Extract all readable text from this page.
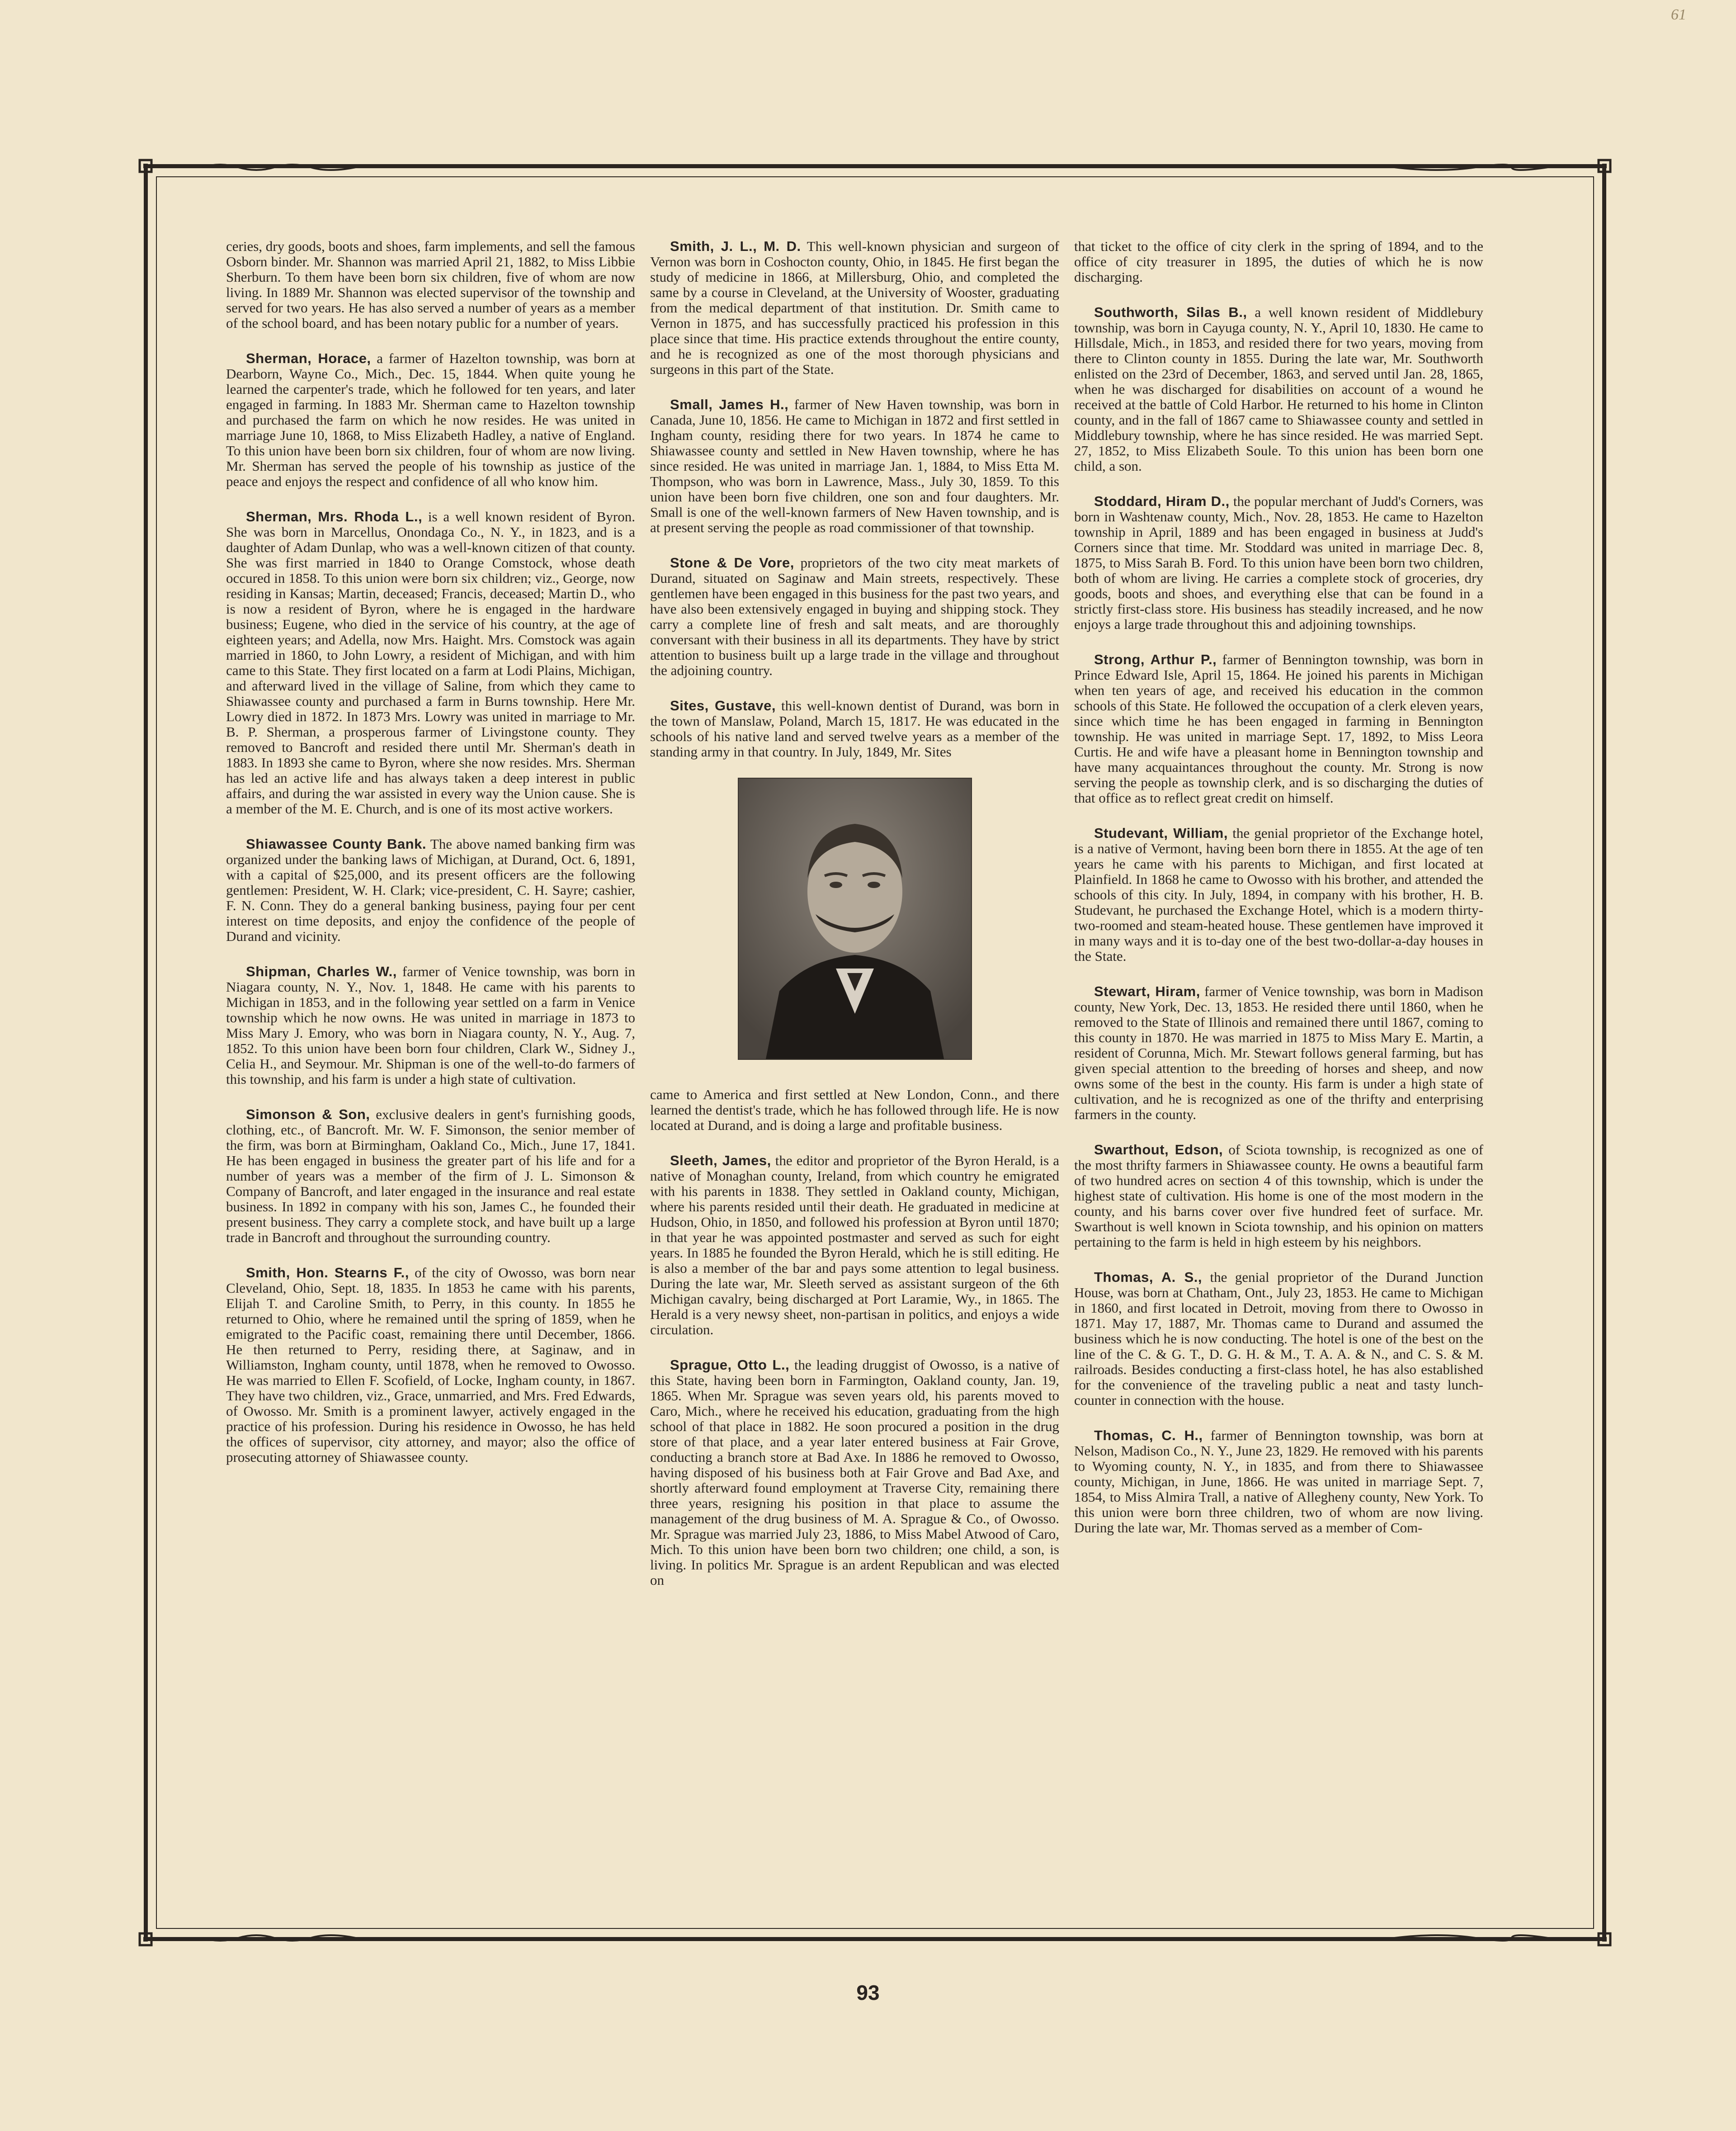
61

ceries, dry goods, boots and shoes, farm implements, and sell the famous Osborn binder. Mr. Shannon was married April 21, 1882, to Miss Libbie Sherburn. To them have been born six children, five of whom are now living. In 1889 Mr. Shannon was elected supervisor of the township and served for two years. He has also served a number of years as a member of the school board, and has been notary public for a number of years.

Sherman, Horace, a farmer of Hazelton township, was born at Dearborn, Wayne Co., Mich., Dec. 15, 1844. When quite young he learned the carpenter's trade, which he followed for ten years, and later engaged in farming. In 1883 Mr. Sherman came to Hazelton township and purchased the farm on which he now resides. He was united in marriage June 10, 1868, to Miss Elizabeth Hadley, a native of England. To this union have been born six children, four of whom are now living. Mr. Sherman has served the people of his township as justice of the peace and enjoys the respect and confidence of all who know him.

Sherman, Mrs. Rhoda L., is a well known resident of Byron. She was born in Marcellus, Onondaga Co., N. Y., in 1823, and is a daughter of Adam Dunlap, who was a well-known citizen of that county. She was first married in 1840 to Orange Comstock, whose death occured in 1858. To this union were born six children; viz., George, now residing in Kansas; Martin, deceased; Francis, deceased; Martin D., who is now a resident of Byron, where he is engaged in the hardware business; Eugene, who died in the service of his country, at the age of eighteen years; and Adella, now Mrs. Haight. Mrs. Comstock was again married in 1860, to John Lowry, a resident of Michigan, and with him came to this State. They first located on a farm at Lodi Plains, Michigan, and afterward lived in the village of Saline, from which they came to Shiawassee county and purchased a farm in Burns township. Here Mr. Lowry died in 1872. In 1873 Mrs. Lowry was united in marriage to Mr. B. P. Sherman, a prosperous farmer of Livingstone county. They removed to Bancroft and resided there until Mr. Sherman's death in 1883. In 1893 she came to Byron, where she now resides. Mrs. Sherman has led an active life and has always taken a deep interest in public affairs, and during the war assisted in every way the Union cause. She is a member of the M. E. Church, and is one of its most active workers.

Shiawassee County Bank. The above named banking firm was organized under the banking laws of Michigan, at Durand, Oct. 6, 1891, with a capital of $25,000, and its present officers are the following gentlemen: President, W. H. Clark; vice-president, C. H. Sayre; cashier, F. N. Conn. They do a general banking business, paying four per cent interest on time deposits, and enjoy the confidence of the people of Durand and vicinity.

Shipman, Charles W., farmer of Venice township, was born in Niagara county, N. Y., Nov. 1, 1848. He came with his parents to Michigan in 1853, and in the following year settled on a farm in Venice township which he now owns. He was united in marriage in 1873 to Miss Mary J. Emory, who was born in Niagara county, N. Y., Aug. 7, 1852. To this union have been born four children, Clark W., Sidney J., Celia H., and Seymour. Mr. Shipman is one of the well-to-do farmers of this township, and his farm is under a high state of cultivation.

Simonson & Son, exclusive dealers in gent's furnishing goods, clothing, etc., of Bancroft. Mr. W. F. Simonson, the senior member of the firm, was born at Birmingham, Oakland Co., Mich., June 17, 1841. He has been engaged in business the greater part of his life and for a number of years was a member of the firm of J. L. Simonson & Company of Bancroft, and later engaged in the insurance and real estate business. In 1892 in company with his son, James C., he founded their present business. They carry a complete stock, and have built up a large trade in Bancroft and throughout the surrounding country.

Smith, Hon. Stearns F., of the city of Owosso, was born near Cleveland, Ohio, Sept. 18, 1835. In 1853 he came with his parents, Elijah T. and Caroline Smith, to Perry, in this county. In 1855 he returned to Ohio, where he remained until the spring of 1859, when he emigrated to the Pacific coast, remaining there until December, 1866. He then returned to Perry, residing there, at Saginaw, and in Williamston, Ingham county, until 1878, when he removed to Owosso. He was married to Ellen F. Scofield, of Locke, Ingham county, in 1867. They have two children, viz., Grace, unmarried, and Mrs. Fred Edwards, of Owosso. Mr. Smith is a prominent lawyer, actively engaged in the practice of his profession. During his residence in Owosso, he has held the offices of supervisor, city attorney, and mayor; also the office of prosecuting attorney of Shiawassee county.

Smith, J. L., M. D. This well-known physician and surgeon of Vernon was born in Coshocton county, Ohio, in 1845. He first began the study of medicine in 1866, at Millersburg, Ohio, and completed the same by a course in Cleveland, at the University of Wooster, graduating from the medical department of that institution. Dr. Smith came to Vernon in 1875, and has successfully practiced his profession in this place since that time. His practice extends throughout the entire county, and he is recognized as one of the most thorough physicians and surgeons in this part of the State.

Small, James H., farmer of New Haven township, was born in Canada, June 10, 1856. He came to Michigan in 1872 and first settled in Ingham county, residing there for two years. In 1874 he came to Shiawassee county and settled in New Haven township, where he has since resided. He was united in marriage Jan. 1, 1884, to Miss Etta M. Thompson, who was born in Lawrence, Mass., July 30, 1859. To this union have been born five children, one son and four daughters. Mr. Small is one of the well-known farmers of New Haven township, and is at present serving the people as road commissioner of that township.

Stone & De Vore, proprietors of the two city meat markets of Durand, situated on Saginaw and Main streets, respectively. These gentlemen have been engaged in this business for the past two years, and have also been extensively engaged in buying and shipping stock. They carry a complete line of fresh and salt meats, and are thoroughly conversant with their business in all its departments. They have by strict attention to business built up a large trade in the village and throughout the adjoining country.

Sites, Gustave, this well-known dentist of Durand, was born in the town of Manslaw, Poland, March 15, 1817. He was educated in the schools of his native land and served twelve years as a member of the standing army in that country. In July, 1849, Mr. Sites

came to America and first settled at New London, Conn., and there learned the dentist's trade, which he has followed through life. He is now located at Durand, and is doing a large and profitable business.

Sleeth, James, the editor and proprietor of the Byron Herald, is a native of Monaghan county, Ireland, from which country he emigrated with his parents in 1838. They settled in Oakland county, Michigan, where his parents resided until their death. He graduated in medicine at Hudson, Ohio, in 1850, and followed his profession at Byron until 1870; in that year he was appointed postmaster and served as such for eight years. In 1885 he founded the Byron Herald, which he is still editing. He is also a member of the bar and pays some attention to legal business. During the late war, Mr. Sleeth served as assistant surgeon of the 6th Michigan cavalry, being discharged at Port Laramie, Wy., in 1865. The Herald is a very newsy sheet, non-partisan in politics, and enjoys a wide circulation.

Sprague, Otto L., the leading druggist of Owosso, is a native of this State, having been born in Farmington, Oakland county, Jan. 19, 1865. When Mr. Sprague was seven years old, his parents moved to Caro, Mich., where he received his education, graduating from the high school of that place in 1882. He soon procured a position in the drug store of that place, and a year later entered business at Fair Grove, conducting a branch store at Bad Axe. In 1886 he removed to Owosso, having disposed of his business both at Fair Grove and Bad Axe, and shortly afterward found employment at Traverse City, remaining there three years, resigning his position in that place to assume the management of the drug business of M. A. Sprague & Co., of Owosso. Mr. Sprague was married July 23, 1886, to Miss Mabel Atwood of Caro, Mich. To this union have been born two children; one child, a son, is living. In politics Mr. Sprague is an ardent Republican and was elected on

that ticket to the office of city clerk in the spring of 1894, and to the office of city treasurer in 1895, the duties of which he is now discharging.

Southworth, Silas B., a well known resident of Middlebury township, was born in Cayuga county, N. Y., April 10, 1830. He came to Hillsdale, Mich., in 1853, and resided there for two years, moving from there to Clinton county in 1855. During the late war, Mr. Southworth enlisted on the 23rd of December, 1863, and served until Jan. 28, 1865, when he was discharged for disabilities on account of a wound he received at the battle of Cold Harbor. He returned to his home in Clinton county, and in the fall of 1867 came to Shiawassee county and settled in Middlebury township, where he has since resided. He was married Sept. 27, 1852, to Miss Elizabeth Soule. To this union has been born one child, a son.

Stoddard, Hiram D., the popular merchant of Judd's Corners, was born in Washtenaw county, Mich., Nov. 28, 1853. He came to Hazelton township in April, 1889 and has been engaged in business at Judd's Corners since that time. Mr. Stoddard was united in marriage Dec. 8, 1875, to Miss Sarah B. Ford. To this union have been born two children, both of whom are living. He carries a complete stock of groceries, dry goods, boots and shoes, and everything else that can be found in a strictly first-class store. His business has steadily increased, and he now enjoys a large trade throughout this and adjoining townships.

Strong, Arthur P., farmer of Bennington township, was born in Prince Edward Isle, April 15, 1864. He joined his parents in Michigan when ten years of age, and received his education in the common schools of this State. He followed the occupation of a clerk eleven years, since which time he has been engaged in farming in Bennington township. He was united in marriage Sept. 17, 1892, to Miss Leora Curtis. He and wife have a pleasant home in Bennington township and have many acquaintances throughout the county. Mr. Strong is now serving the people as township clerk, and is so discharging the duties of that office as to reflect great credit on himself.

Studevant, William, the genial proprietor of the Exchange hotel, is a native of Vermont, having been born there in 1855. At the age of ten years he came with his parents to Michigan, and first located at Plainfield. In 1868 he came to Owosso with his brother, and attended the schools of this city. In July, 1894, in company with his brother, H. B. Studevant, he purchased the Exchange Hotel, which is a modern thirty-two-roomed and steam-heated house. These gentlemen have improved it in many ways and it is to-day one of the best two-dollar-a-day houses in the State.

Stewart, Hiram, farmer of Venice township, was born in Madison county, New York, Dec. 13, 1853. He resided there until 1860, when he removed to the State of Illinois and remained there until 1867, coming to this county in 1870. He was married in 1875 to Miss Mary E. Martin, a resident of Corunna, Mich. Mr. Stewart follows general farming, but has given special attention to the breeding of horses and sheep, and now owns some of the best in the county. His farm is under a high state of cultivation, and he is recognized as one of the thrifty and enterprising farmers in the county.

Swarthout, Edson, of Sciota township, is recognized as one of the most thrifty farmers in Shiawassee county. He owns a beautiful farm of two hundred acres on section 4 of this township, which is under the highest state of cultivation. His home is one of the most modern in the county, and his barns cover over five hundred feet of surface. Mr. Swarthout is well known in Sciota township, and his opinion on matters pertaining to the farm is held in high esteem by his neighbors.

Thomas, A. S., the genial proprietor of the Durand Junction House, was born at Chatham, Ont., July 23, 1853. He came to Michigan in 1860, and first located in Detroit, moving from there to Owosso in 1871. May 17, 1887, Mr. Thomas came to Durand and assumed the business which he is now conducting. The hotel is one of the best on the line of the C. & G. T., D. G. H. & M., T. A. A. & N., and C. S. & M. railroads. Besides conducting a first-class hotel, he has also established for the convenience of the traveling public a neat and tasty lunch-counter in connection with the house.

Thomas, C. H., farmer of Bennington township, was born at Nelson, Madison Co., N. Y., June 23, 1829. He removed with his parents to Wyoming county, N. Y., in 1835, and from there to Shiawassee county, Michigan, in June, 1866. He was united in marriage Sept. 7, 1854, to Miss Almira Trall, a native of Allegheny county, New York. To this union were born three children, two of whom are now living. During the late war, Mr. Thomas served as a member of Com-

93
